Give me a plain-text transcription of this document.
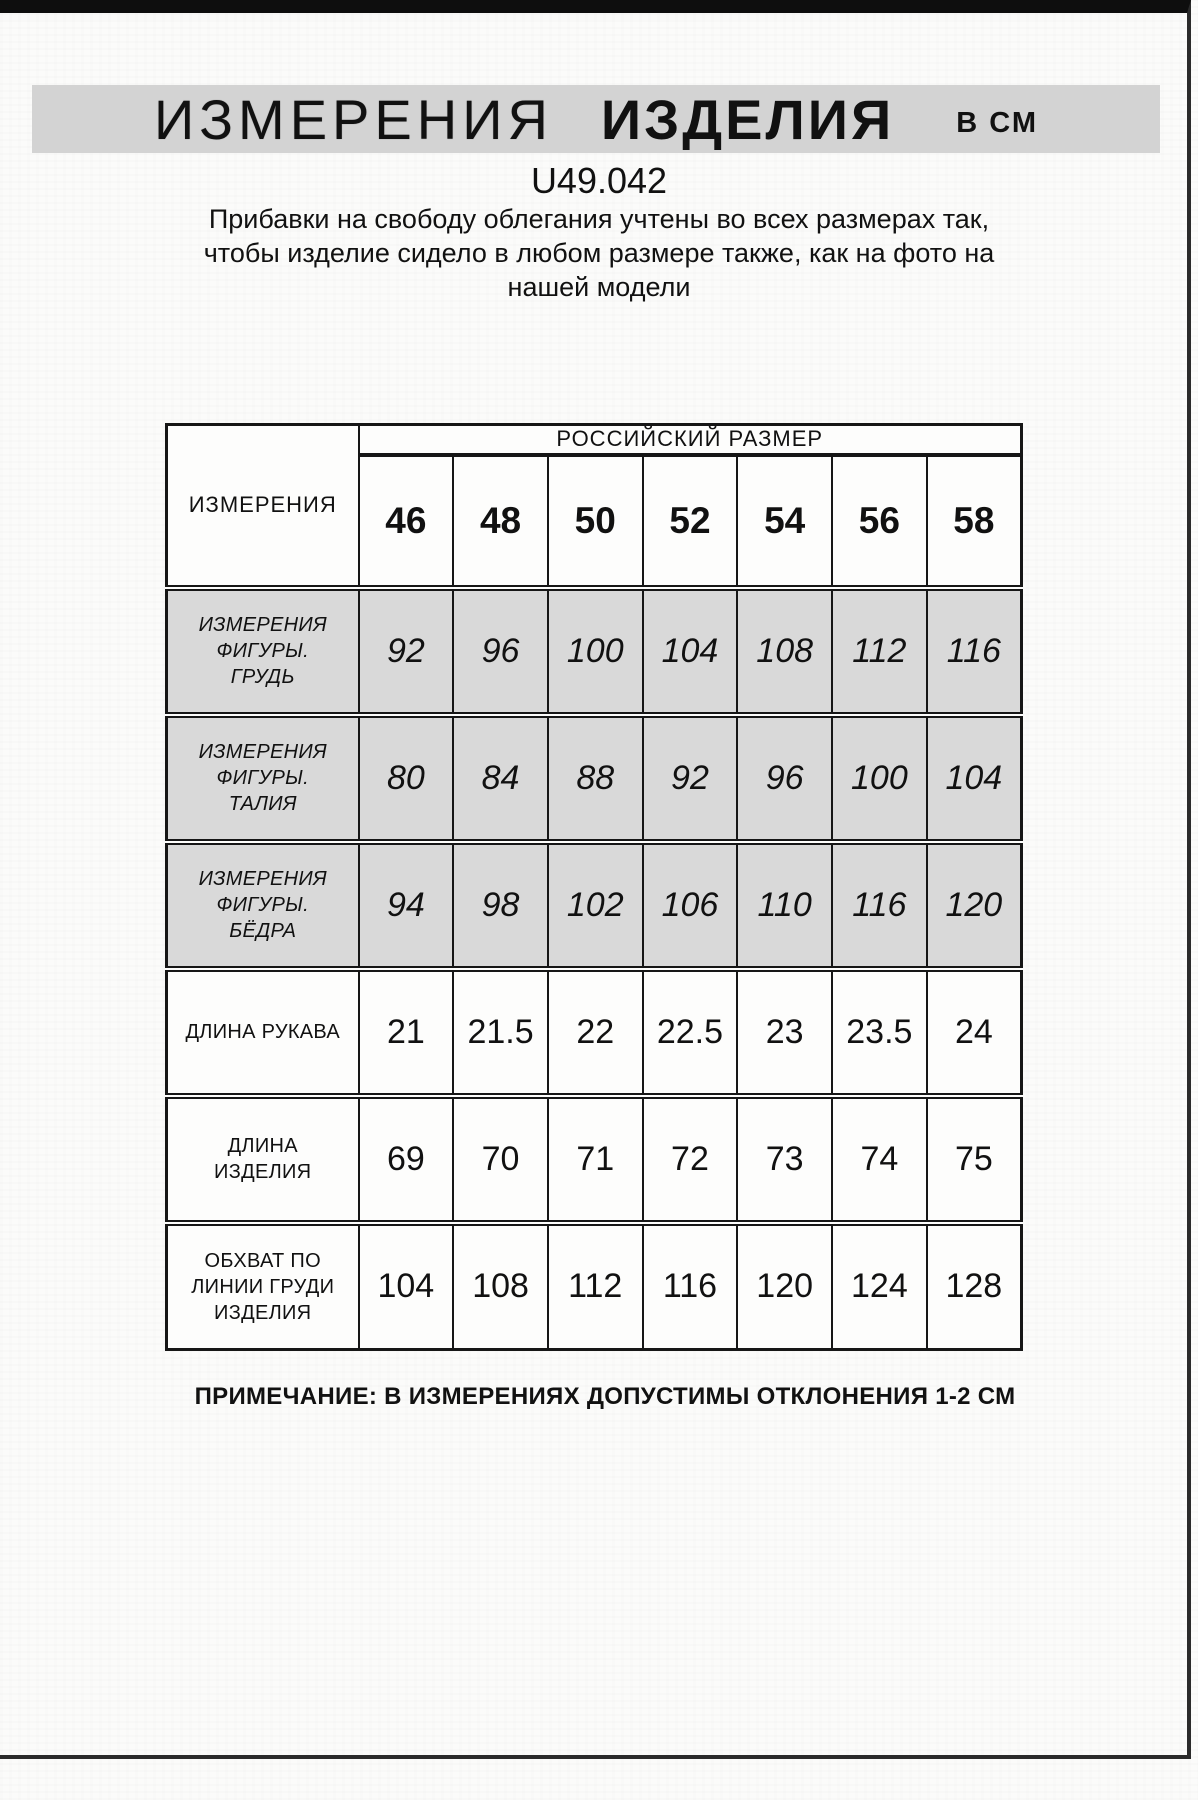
ИЗМЕРЕНИЯ ИЗДЕЛИЯ В СМ
U49.042
Прибавки на свободу облегания учтены во всех размерах так,
чтобы изделие сидело в любом размере также, как на фото на
нашей модели
ИЗМЕРЕНИЯ	РОССИЙСКИЙ РАЗМЕР						
	46	48	50	52	54	56	58
ИЗМЕРЕНИЯ ФИГУРЫ. ГРУДЬ	92	96	100	104	108	112	116
ИЗМЕРЕНИЯ ФИГУРЫ. ТАЛИЯ	80	84	88	92	96	100	104
ИЗМЕРЕНИЯ ФИГУРЫ. БЁДРА	94	98	102	106	110	116	120
ДЛИНА РУКАВА	21	21.5	22	22.5	23	23.5	24
ДЛИНА ИЗДЕЛИЯ	69	70	71	72	73	74	75
ОБХВАТ ПО ЛИНИИ ГРУДИ ИЗДЕЛИЯ	104	108	112	116	120	124	128
ПРИМЕЧАНИЕ: В ИЗМЕРЕНИЯХ ДОПУСТИМЫ ОТКЛОНЕНИЯ 1-2 СМ
